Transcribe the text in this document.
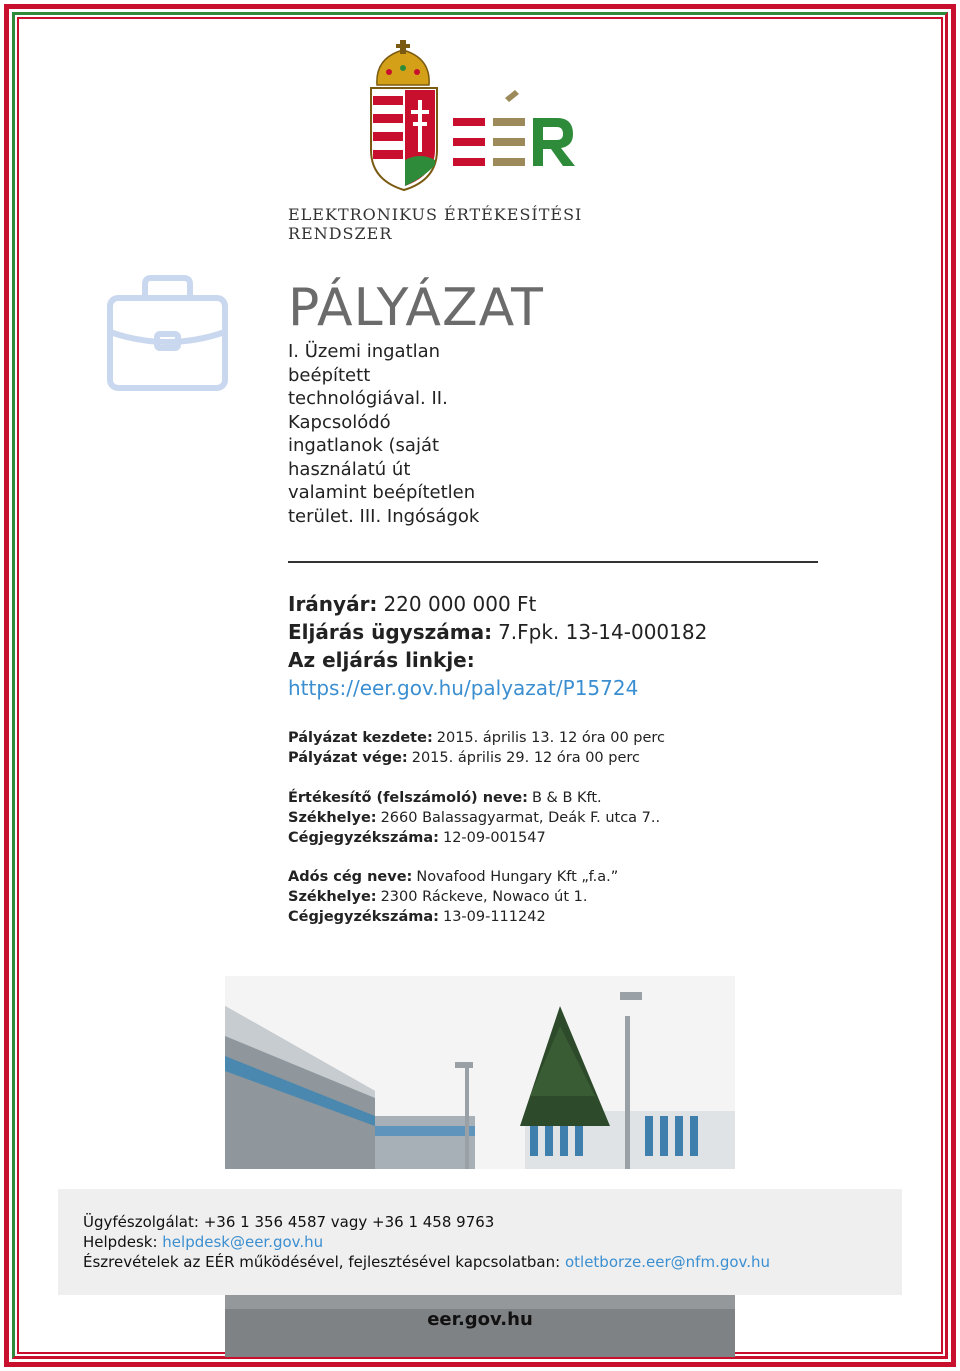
ELEKTRONIKUS ÉRTÉKESÍTÉSI RENDSZER
PÁLYÁZAT
I. Üzemi ingatlan beépített technológiával. II. Kapcsolódó ingatlanok (saját használatú út valamint beépítetlen terület. III. Ingóságok
Irányár: 220 000 000 Ft
Eljárás ügyszáma: 7.Fpk. 13-14-000182
Az eljárás linkje:
https://eer.gov.hu/palyazat/P15724
Pályázat kezdete: 2015. április 13. 12 óra 00 perc
Pályázat vége: 2015. április 29. 12 óra 00 perc
Értékesítő (felszámoló) neve: B & B Kft.
Székhelye: 2660 Balassagyarmat, Deák F. utca 7..
Cégjegyzékszáma: 12-09-001547
Adós cég neve: Novafood Hungary Kft „f.a.”
Székhelye: 2300 Ráckeve, Nowaco út 1.
Cégjegyzékszáma: 13-09-111242
Ügyfészolgálat: +36 1 356 4587 vagy +36 1 458 9763
Helpdesk: helpdesk@eer.gov.hu
Észrevételek az EÉR működésével, fejlesztésével kapcsolatban: otletborze.eer@nfm.gov.hu
eer.gov.hu
